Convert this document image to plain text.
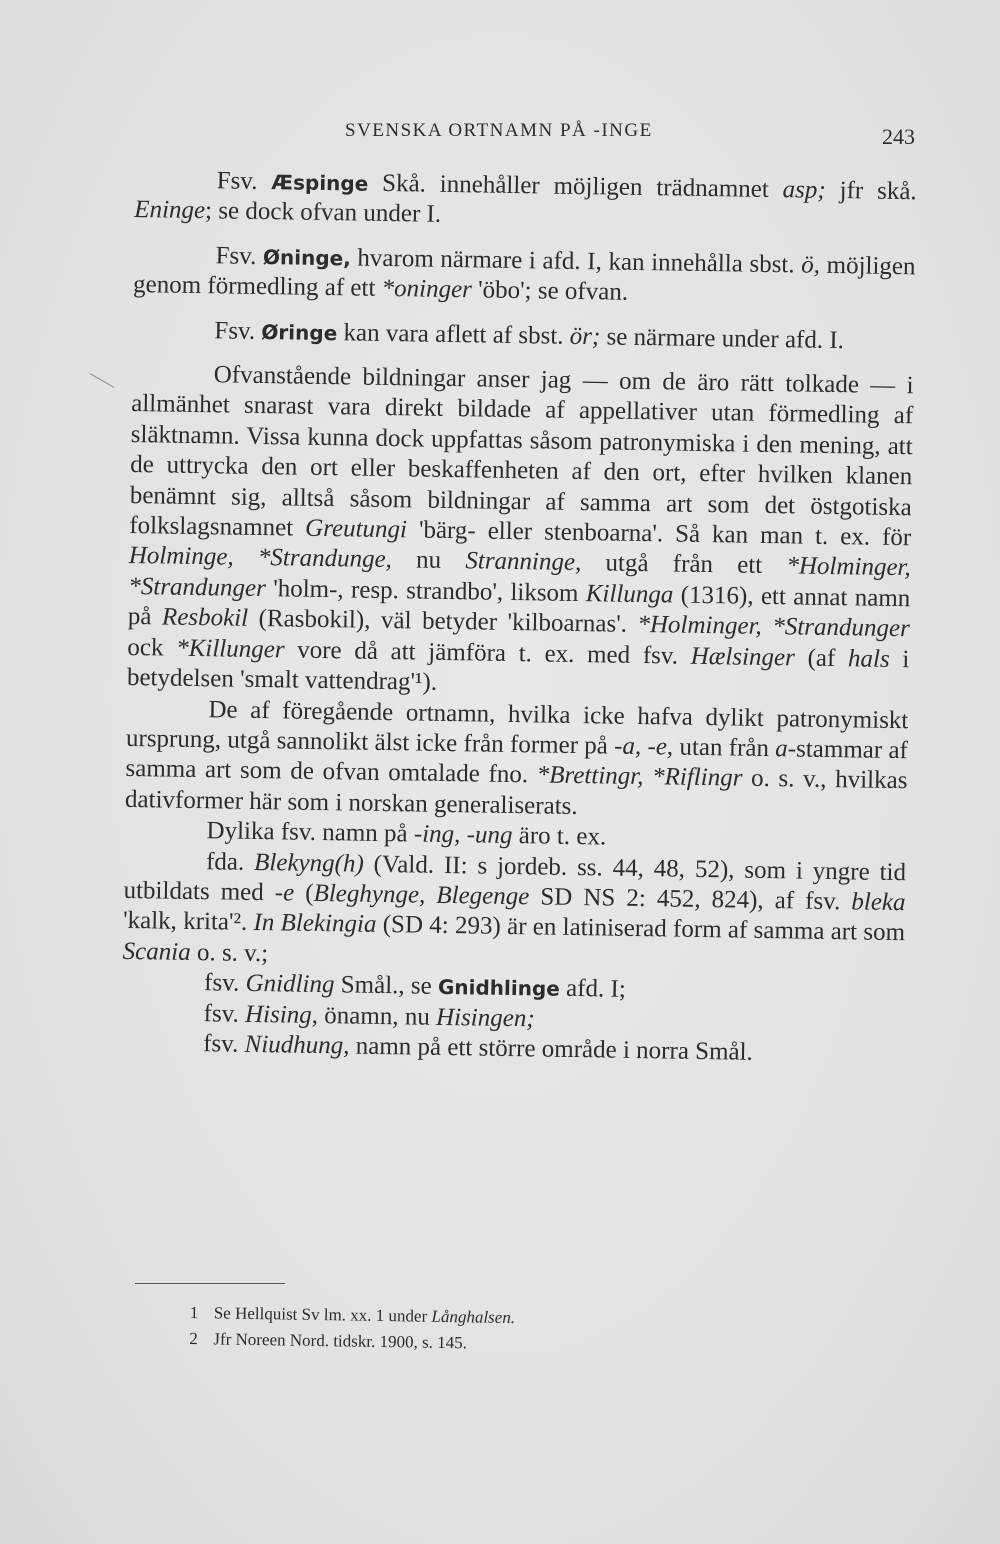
SVENSKA ORTNAMN PÅ -INGE	243

Fsv. Æspinge Skå. innehåller möjligen trädnamnet asp; jfr skå. Eninge; se dock ofvan under I.

Fsv. Øninge, hvarom närmare i afd. I, kan innehålla sbst. ö, möjligen genom förmedling af ett *oninger 'öbo'; se ofvan.

Fsv. Øringe kan vara aflett af sbst. ör; se närmare under afd. I.

Ofvanstående bildningar anser jag — om de äro rätt tolkade — i allmänhet snarast vara direkt bildade af appellativer utan förmedling af släktnamn. Vissa kunna dock uppfattas såsom patronymiska i den mening, att de uttrycka den ort eller beskaffenheten af den ort, efter hvilken klanen benämnt sig, alltså såsom bildningar af samma art som det östgotiska folkslagsnamnet Greutungi 'bärg- eller stenboarna'. Så kan man t. ex. för Holminge, *Strandunge, nu Stranninge, utgå från ett *Holminger, *Strandunger 'holm-, resp. strandbo', liksom Killunga (1316), ett annat namn på Resbokil (Rasbokil), väl betyder 'kilboarnas'. *Holminger, *Strandunger ock *Killunger vore då att jämföra t. ex. med fsv. Hælsinger (af hals i betydelsen 'smalt vattendrag'¹).

De af föregående ortnamn, hvilka icke hafva dylikt patronymiskt ursprung, utgå sannolikt älst icke från former på -a, -e, utan från a-stammar af samma art som de ofvan omtalade fno. *Brettingr, *Riflingr o. s. v., hvilkas dativformer här som i norskan generaliserats.

Dylika fsv. namn på -ing, -ung äro t. ex.

fda. Blekyng(h) (Vald. II: s jordeb. ss. 44, 48, 52), som i yngre tid utbildats med -e (Bleghynge, Blegenge SD NS 2: 452, 824), af fsv. bleka 'kalk, krita'². In Blekingia (SD 4: 293) är en latiniserad form af samma art som Scania o. s. v.;

fsv. Gnidling Smål., se Gnidhlinge afd. I;

fsv. Hising, önamn, nu Hisingen;

fsv. Niudhung, namn på ett större område i norra Smål.

1 Se Hellquist Sv lm. xx. 1 under Långhalsen.

2 Jfr Noreen Nord. tidskr. 1900, s. 145.
